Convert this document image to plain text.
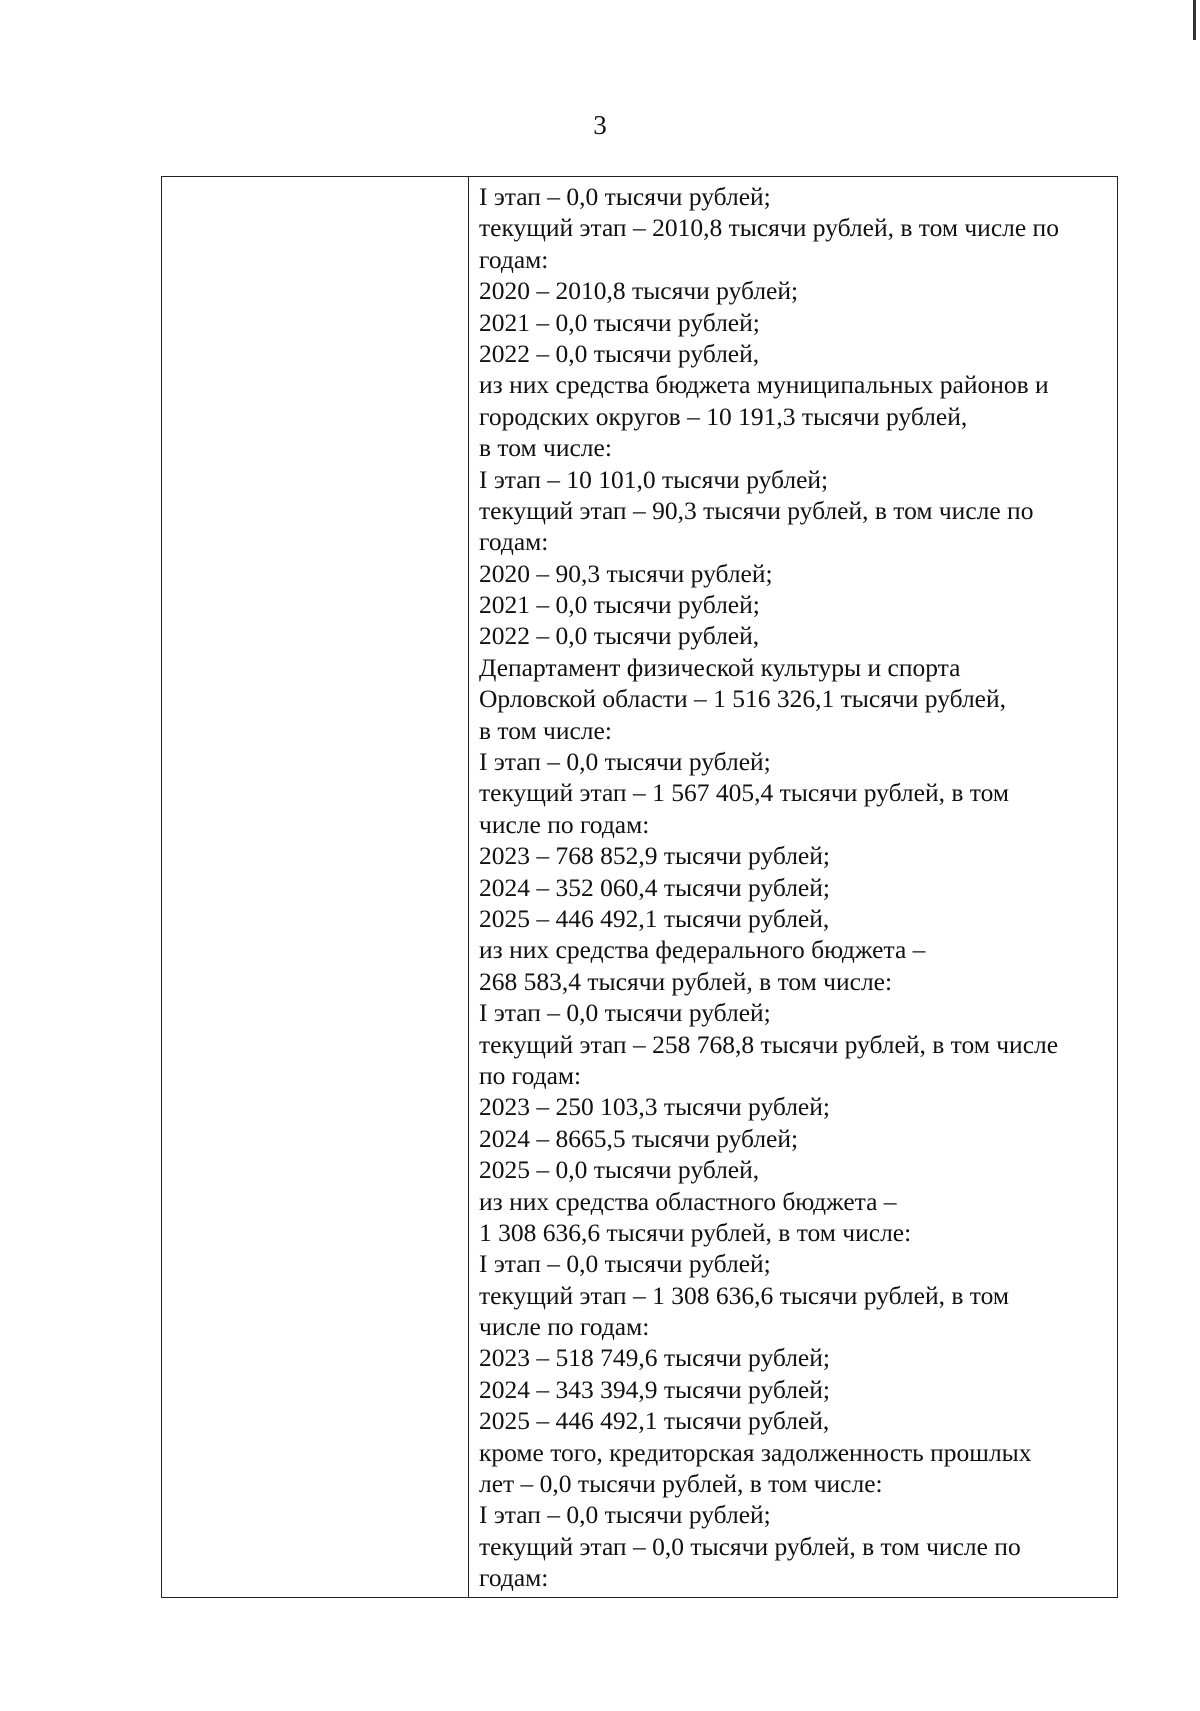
3
I этап – 0,0 тысячи рублей;
текущий этап – 2010,8 тысячи рублей, в том числе по
годам:
2020 – 2010,8 тысячи рублей;
2021 – 0,0 тысячи рублей;
2022 – 0,0 тысячи рублей,
из них средства бюджета муниципальных районов и
городских округов – 10 191,3 тысячи рублей,
в том числе:
I этап – 10 101,0 тысячи рублей;
текущий этап – 90,3 тысячи рублей, в том числе по
годам:
2020 – 90,3 тысячи рублей;
2021 – 0,0 тысячи рублей;
2022 – 0,0 тысячи рублей,
Департамент физической культуры и спорта
Орловской области – 1 516 326,1 тысячи рублей,
в том числе:
I этап – 0,0 тысячи рублей;
текущий этап – 1 567 405,4 тысячи рублей, в том
числе по годам:
2023 – 768 852,9 тысячи рублей;
2024 – 352 060,4 тысячи рублей;
2025 – 446 492,1 тысячи рублей,
из них средства федерального бюджета –
268 583,4 тысячи рублей, в том числе:
I этап – 0,0 тысячи рублей;
текущий этап – 258 768,8 тысячи рублей, в том числе
по годам:
2023 – 250 103,3 тысячи рублей;
2024 – 8665,5 тысячи рублей;
2025 – 0,0 тысячи рублей,
из них средства областного бюджета –
1 308 636,6 тысячи рублей, в том числе:
I этап – 0,0 тысячи рублей;
текущий этап – 1 308 636,6 тысячи рублей, в том
числе по годам:
2023 – 518 749,6 тысячи рублей;
2024 – 343 394,9 тысячи рублей;
2025 – 446 492,1 тысячи рублей,
кроме того, кредиторская задолженность прошлых
лет – 0,0 тысячи рублей, в том числе:
I этап – 0,0 тысячи рублей;
текущий этап – 0,0 тысячи рублей, в том числе по
годам:
